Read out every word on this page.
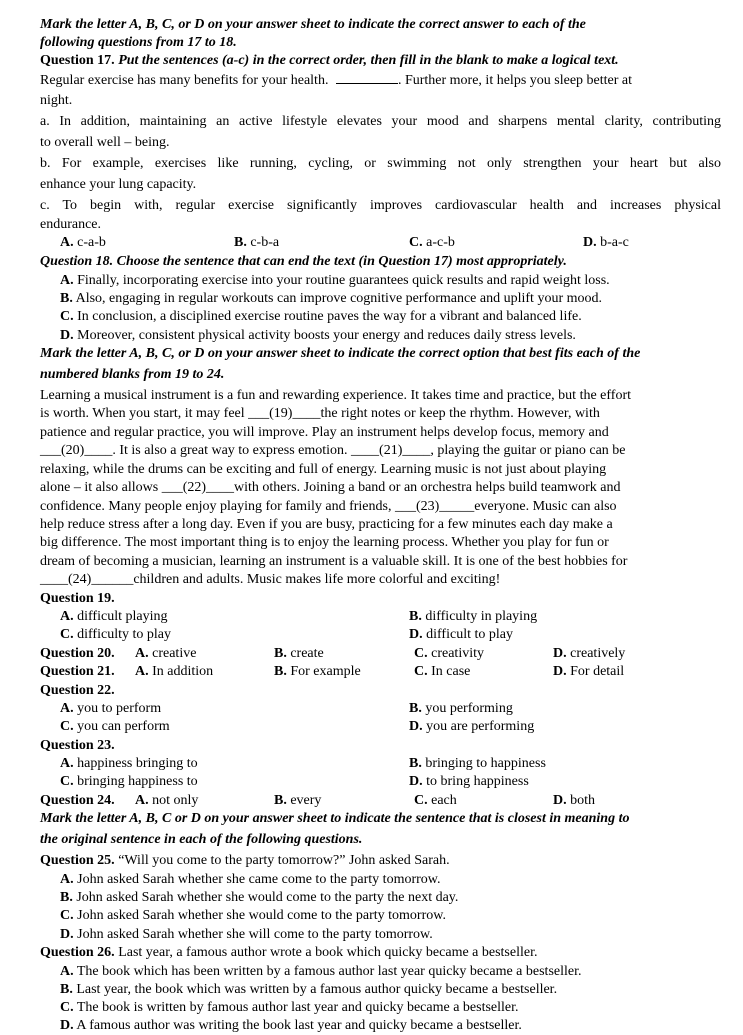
Mark the letter A, B, C, or D on your answer sheet to indicate the correct answer to each of the
following questions from 17 to 18.
Question 17. Put the sentences (a-c) in the correct order, then fill in the blank to make a logical text.
Regular exercise has many benefits for your health.	. Further more, it helps you sleep better at
night.
a. In addition, maintaining an active lifestyle elevates your mood and sharpens mental clarity, contributing
to overall well – being.
b. For example, exercises like running, cycling, or swimming not only strengthen your heart but also
enhance your lung capacity.
c. To begin with, regular exercise significantly improves cardiovascular health and increases physical
endurance.
A. c-a-b	B. c-b-a	C. a-c-b	D. b-a-c
Question 18. Choose the sentence that can end the text (in Question 17) most appropriately.
A. Finally, incorporating exercise into your routine guarantees quick results and rapid weight loss.
B. Also, engaging in regular workouts can improve cognitive performance and uplift your mood.
C. In conclusion, a disciplined exercise routine paves the way for a vibrant and balanced life.
D. Moreover, consistent physical activity boosts your energy and reduces daily stress levels.
Mark the letter A, B, C, or D on your answer sheet to indicate the correct option that best fits each of the
numbered blanks from 19 to 24.
Learning a musical instrument is a fun and rewarding experience. It takes time and practice, but the effort
is worth. When you start, it may feel ___(19)____the right notes or keep the rhythm. However, with
patience and regular practice, you will improve. Play an instrument helps develop focus, memory and
___(20)____. It is also a great way to express emotion. ____(21)____, playing the guitar or piano can be
relaxing, while the drums can be exciting and full of energy. Learning music is not just about playing
alone – it also allows ___(22)____with others. Joining a band or an orchestra helps build teamwork and
confidence. Many people enjoy playing for family and friends, ___(23)_____everyone. Music can also
help reduce stress after a long day. Even if you are busy, practicing for a few minutes each day make a
big difference. The most important thing is to enjoy the learning process. Whether you play for fun or
dream of becoming a musician, learning an instrument is a valuable skill. It is one of the best hobbies for
____(24)______children and adults. Music makes life more colorful and exciting!
Question 19.
A. difficult playing	B. difficulty in playing
C. difficulty to play	D. difficult to play
Question 20. A. creative	B. create	C. creativity	D. creatively
Question 21. A. In addition	B. For example	C. In case	D. For detail
Question 22.
A. you to perform	B. you performing
C. you can perform	D. you are performing
Question 23.
A. happiness bringing to	B. bringing to happiness
C. bringing happiness to	D. to bring happiness
Question 24. A. not only	B. every	C. each	D. both
Mark the letter A, B, C or D on your answer sheet to indicate the sentence that is closest in meaning to
the original sentence in each of the following questions.
Question 25. “Will you come to the party tomorrow?” John asked Sarah.
A. John asked Sarah whether she came come to the party tomorrow.
B. John asked Sarah whether she would come to the party the next day.
C. John asked Sarah whether she would come to the party tomorrow.
D. John asked Sarah whether she will come to the party tomorrow.
Question 26. Last year, a famous author wrote a book which quicky became a bestseller.
A. The book which has been written by a famous author last year quicky became a bestseller.
B. Last year, the book which was written by a famous author quicky became a bestseller.
C. The book is written by famous author last year and quicky became a bestseller.
D. A famous author was writing the book last year and quicky became a bestseller.
